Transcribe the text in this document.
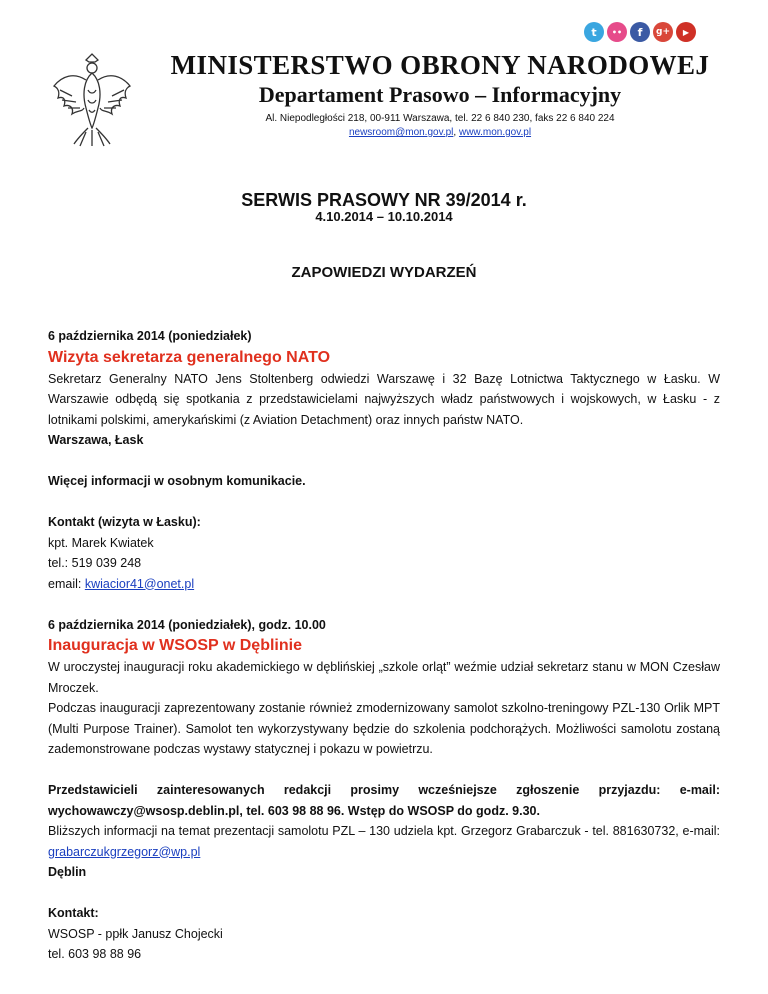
t	••	f	g+	▶
MINISTERSTWO OBRONY NARODOWEJ
Departament Prasowo – Informacyjny
Al. Niepodległości 218, 00-911 Warszawa, tel. 22 6 840 230, faks 22 6 840 224
newsroom@mon.gov.pl, www.mon.gov.pl
SERWIS PRASOWY NR 39/2014 r.
4.10.2014 – 10.10.2014
ZAPOWIEDZI WYDARZEŃ

6 października 2014 (poniedziałek)

Wizyta sekretarza generalnego NATO

Sekretarz Generalny NATO Jens Stoltenberg odwiedzi Warszawę i 32 Bazę Lotnictwa Taktycznego w Łasku. W Warszawie odbędą się spotkania z przedstawicielami najwyższych władz państwowych i wojskowych, w Łasku - z lotnikami polskimi, amerykańskimi (z Aviation Detachment) oraz innych państw NATO.

Warszawa, Łask

Więcej informacji w osobnym komunikacie.

Kontakt (wizyta w Łasku):

kpt. Marek Kwiatek

tel.: 519 039 248

email: kwiacior41@onet.pl

6 października 2014 (poniedziałek), godz. 10.00

Inauguracja w WSOSP w Dęblinie

W uroczystej inauguracji roku akademickiego w dęblińskiej „szkole orląt” weźmie udział sekretarz stanu w MON Czesław Mroczek.

Podczas inauguracji zaprezentowany zostanie również zmodernizowany samolot szkolno-treningowy PZL-130 Orlik MPT (Multi Purpose Trainer). Samolot ten wykorzystywany będzie do szkolenia podchorążych. Możliwości samolotu zostaną zademonstrowane podczas wystawy statycznej i pokazu w powietrzu.

Przedstawicieli zainteresowanych redakcji prosimy wcześniejsze zgłoszenie przyjazdu: e-mail: wychowawczy@wsosp.deblin.pl, tel. 603 98 88 96. Wstęp do WSOSP do godz. 9.30.

Bliższych informacji na temat prezentacji samolotu PZL – 130 udziela kpt. Grzegorz Grabarczuk - tel. 881630732, e-mail: grabarczukgrzegorz@wp.pl

Dęblin

Kontakt:

WSOSP - ppłk Janusz Chojecki

tel. 603 98 88 96
